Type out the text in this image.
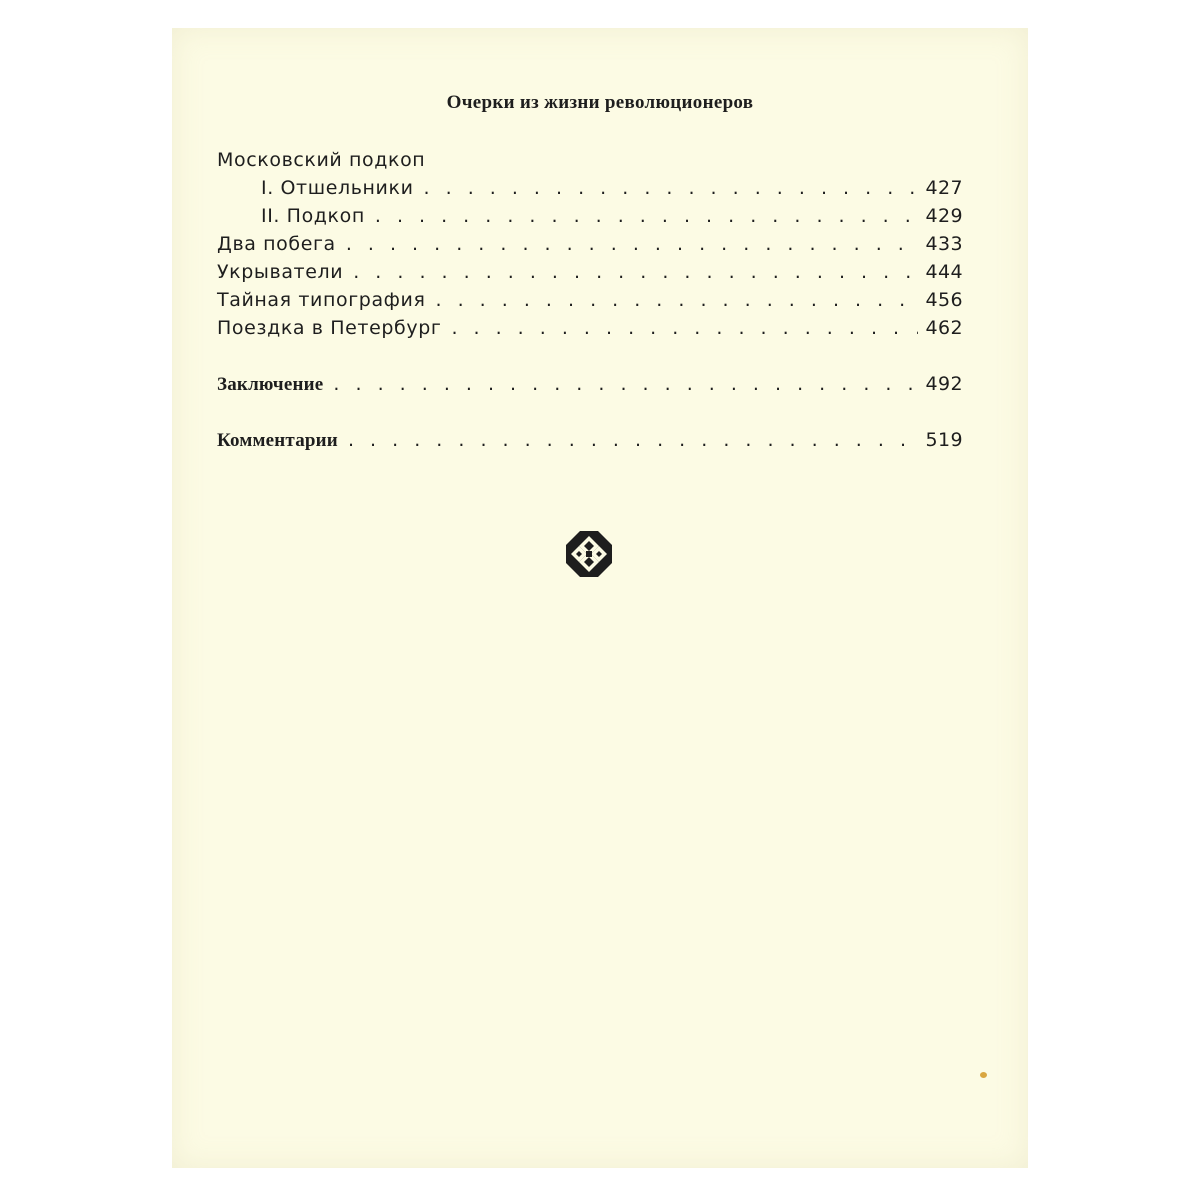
Очерки из жизни революционеров
Московский подкоп
I. Отшельники . . .	427
II. Подкоп . . .	429
Два побега . . .	433
Укрыватели . . .	444
Тайная типография . . .	456
Поездка в Петербург . . .	462
Заключение . . .	492
Комментарии . . .	519
